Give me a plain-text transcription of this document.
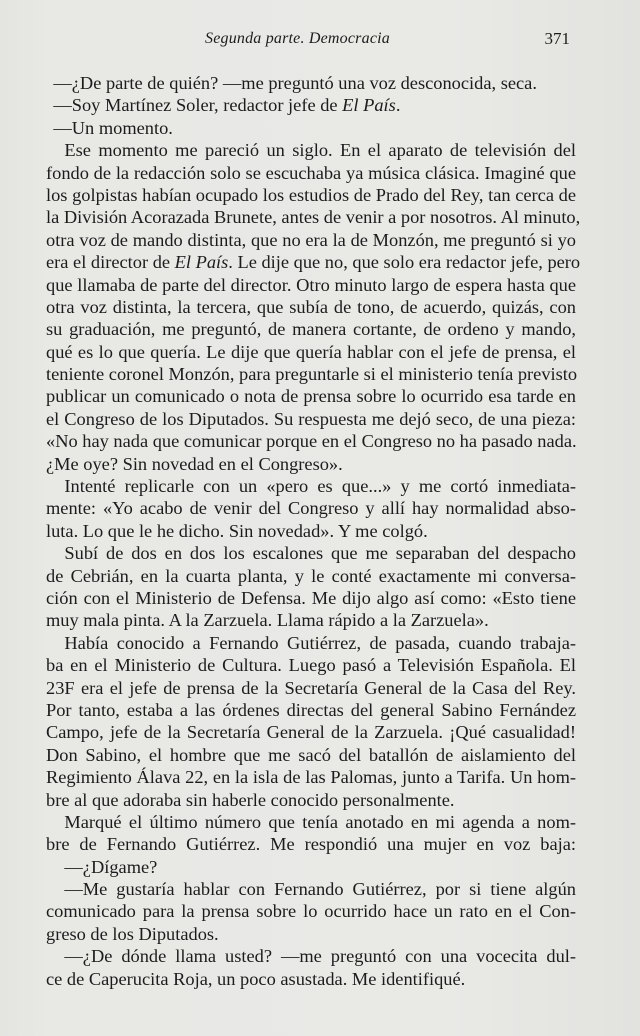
Segunda parte. Democracia	371
—¿De parte de quién? —me preguntó una voz desconocida, seca.
—Soy Martínez Soler, redactor jefe de El País.
—Un momento.
Ese momento me pareció un siglo. En el aparato de televisión del
fondo de la redacción solo se escuchaba ya música clásica. Imaginé que
los golpistas habían ocupado los estudios de Prado del Rey, tan cerca de
la División Acorazada Brunete, antes de venir a por nosotros. Al minuto,
otra voz de mando distinta, que no era la de Monzón, me preguntó si yo
era el director de El País. Le dije que no, que solo era redactor jefe, pero
que llamaba de parte del director. Otro minuto largo de espera hasta que
otra voz distinta, la tercera, que subía de tono, de acuerdo, quizás, con
su graduación, me preguntó, de manera cortante, de ordeno y mando,
qué es lo que quería. Le dije que quería hablar con el jefe de prensa, el
teniente coronel Monzón, para preguntarle si el ministerio tenía previsto
publicar un comunicado o nota de prensa sobre lo ocurrido esa tarde en
el Congreso de los Diputados. Su respuesta me dejó seco, de una pieza:
«No hay nada que comunicar porque en el Congreso no ha pasado nada.
¿Me oye? Sin novedad en el Congreso».
Intenté replicarle con un «pero es que...» y me cortó inmediata-
mente: «Yo acabo de venir del Congreso y allí hay normalidad abso-
luta. Lo que le he dicho. Sin novedad». Y me colgó.
Subí de dos en dos los escalones que me separaban del despacho
de Cebrián, en la cuarta planta, y le conté exactamente mi conversa-
ción con el Ministerio de Defensa. Me dijo algo así como: «Esto tiene
muy mala pinta. A la Zarzuela. Llama rápido a la Zarzuela».
Había conocido a Fernando Gutiérrez, de pasada, cuando trabaja-
ba en el Ministerio de Cultura. Luego pasó a Televisión Española. El
23F era el jefe de prensa de la Secretaría General de la Casa del Rey.
Por tanto, estaba a las órdenes directas del general Sabino Fernández
Campo, jefe de la Secretaría General de la Zarzuela. ¡Qué casualidad!
Don Sabino, el hombre que me sacó del batallón de aislamiento del
Regimiento Álava 22, en la isla de las Palomas, junto a Tarifa. Un hom-
bre al que adoraba sin haberle conocido personalmente.
Marqué el último número que tenía anotado en mi agenda a nom-
bre de Fernando Gutiérrez. Me respondió una mujer en voz baja:
—¿Dígame?
—Me gustaría hablar con Fernando Gutiérrez, por si tiene algún
comunicado para la prensa sobre lo ocurrido hace un rato en el Con-
greso de los Diputados.
—¿De dónde llama usted? —me preguntó con una vocecita dul-
ce de Caperucita Roja, un poco asustada. Me identifiqué.
